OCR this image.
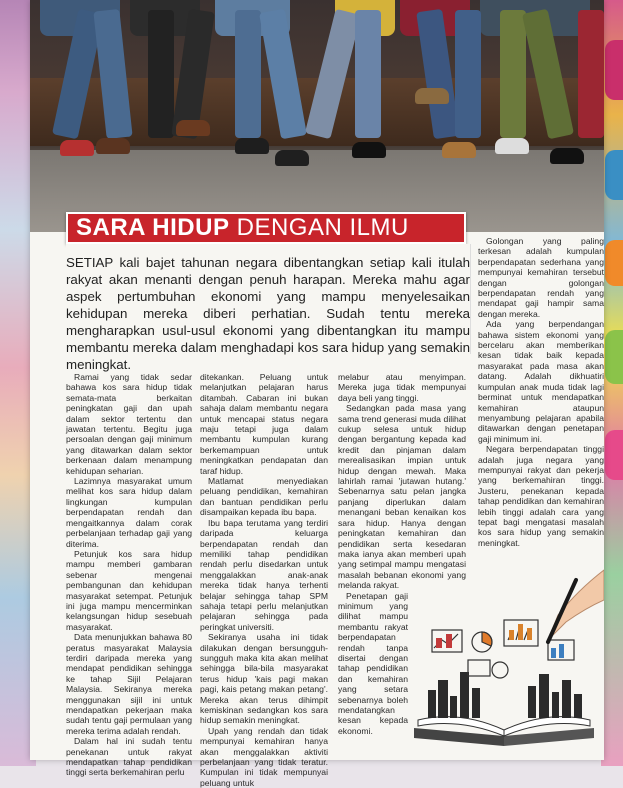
SARA HIDUP DENGAN ILMU

SETIAP kali bajet tahunan negara dibentangkan setiap kali itulah rakyat akan menanti dengan penuh harapan. Mereka mahu agar aspek pertumbuhan ekonomi yang mampu menyelesaikan kehidupan mereka diberi perhatian. Sudah tentu mereka mengharapkan usul-usul ekonomi yang dibentangkan itu mampu membantu mereka dalam menghadapi kos sara hidup yang semakin meningkat.

Ramai yang tidak sedar bahawa kos sara hidup tidak semata-mata berkaitan peningkatan gaji dan upah dalam sektor tertentu dan jawatan tertentu. Begitu juga persoalan dengan gaji minimum yang ditawarkan dalam sektor berkenaan dalam menampung kehidupan seharian.

Lazimnya masyarakat umum melihat kos sara hidup dalam lingkungan kumpulan berpendapatan rendah dan mengaitkannya dalam corak perbelanjaan terhadap gaji yang diterima.

Petunjuk kos sara hidup mampu memberi gambaran sebenar mengenai pembangunan dan kehidupan masyarakat setempat. Petunjuk ini juga mampu mencerminkan kelangsungan hidup sesebuah masyarakat.

Data menunjukkan bahawa 80 peratus masyarakat Malaysia terdiri daripada mereka yang mendapat pendidikan sehingga ke tahap Sijil Pelajaran Malaysia. Sekiranya mereka menggunakan sijil ini untuk mendapatkan pekerjaan maka sudah tentu gaji permulaan yang mereka terima adalah rendah.

Dalam hal ini sudah tentu penekanan untuk rakyat mendapatkan tahap pendidikan tinggi serta berkemahiran perlu

ditekankan. Peluang untuk melanjutkan pelajaran harus ditambah. Cabaran ini bukan sahaja dalam membantu negara untuk mencapai status negara maju tetapi juga dalam membantu kumpulan kurang berkemampuan untuk meningkatkan pendapatan dan taraf hidup.

Matlamat menyediakan peluang pendidikan, kemahiran dan bantuan pendidikan perlu disampaikan kepada ibu bapa.

Ibu bapa terutama yang terdiri daripada keluarga berpendapatan rendah dan memiliki tahap pendidikan rendah perlu disedarkan untuk menggalakkan anak-anak mereka tidak hanya terhenti belajar sehingga tahap SPM sahaja tetapi perlu melanjutkan pelajaran sehingga pada peringkat universiti.

Sekiranya usaha ini tidak dilakukan dengan bersungguh-sungguh maka kita akan melihat sehingga bila-bila masyarakat terus hidup 'kais pagi makan pagi, kais petang makan petang'. Mereka akan terus dihimpit kemiskinan sedangkan kos sara hidup semakin meningkat.

Upah yang rendah dan tidak mempunyai kemahiran hanya akan menggalakkan aktiviti perbelanjaan yang tidak teratur. Kumpulan ini tidak mempunyai peluang untuk

melabur atau menyimpan. Mereka juga tidak mempunyai daya beli yang tinggi.

Sedangkan pada masa yang sama trend generasi muda dilihat cukup selesa untuk hidup dengan bergantung kepada kad kredit dan pinjaman dalam merealisasikan impian untuk hidup dengan mewah. Maka lahirlah ramai 'jutawan hutang.' Sebenarnya satu pelan jangka panjang diperlukan dalam menangani beban kenaikan kos sara hidup. Hanya dengan peningkatan kemahiran dan pendidikan serta kesedaran maka ianya akan memberi upah yang setimpal mampu mengatasi masalah bebanan ekonomi yang melanda rakyat.

Penetapan gaji minimum yang dilihat mampu membantu rakyat berpendapatan rendah tanpa disertai dengan tahap pendidikan dan kemahiran yang setara sebenarnya boleh mendatangkan kesan kepada ekonomi.

Golongan yang paling terkesan adalah kumpulan berpendapatan sederhana yang mempunyai kemahiran tersebut dengan golongan berpendapatan rendah yang mendapat gaji hampir sama dengan mereka.

Ada yang berpendangan bahawa sistem ekonomi yang bercelaru akan memberikan kesan tidak baik kepada masyarakat pada masa akan datang. Adalah dikhuatiri kumpulan anak muda tidak lagi berminat untuk mendapatkan kemahiran ataupun menyambung pelajaran apabila ditawarkan dengan penetapan gaji minimum ini.

Negara berpendapatan tinggi adalah juga negara yang mempunyai rakyat dan pekerja yang berkemahiran tinggi. Justeru, penekanan kepada tahap pendidikan dan kemahiran lebih tinggi adalah cara yang tepat bagi mengatasi masalah kos sara hidup yang semakin meningkat.
